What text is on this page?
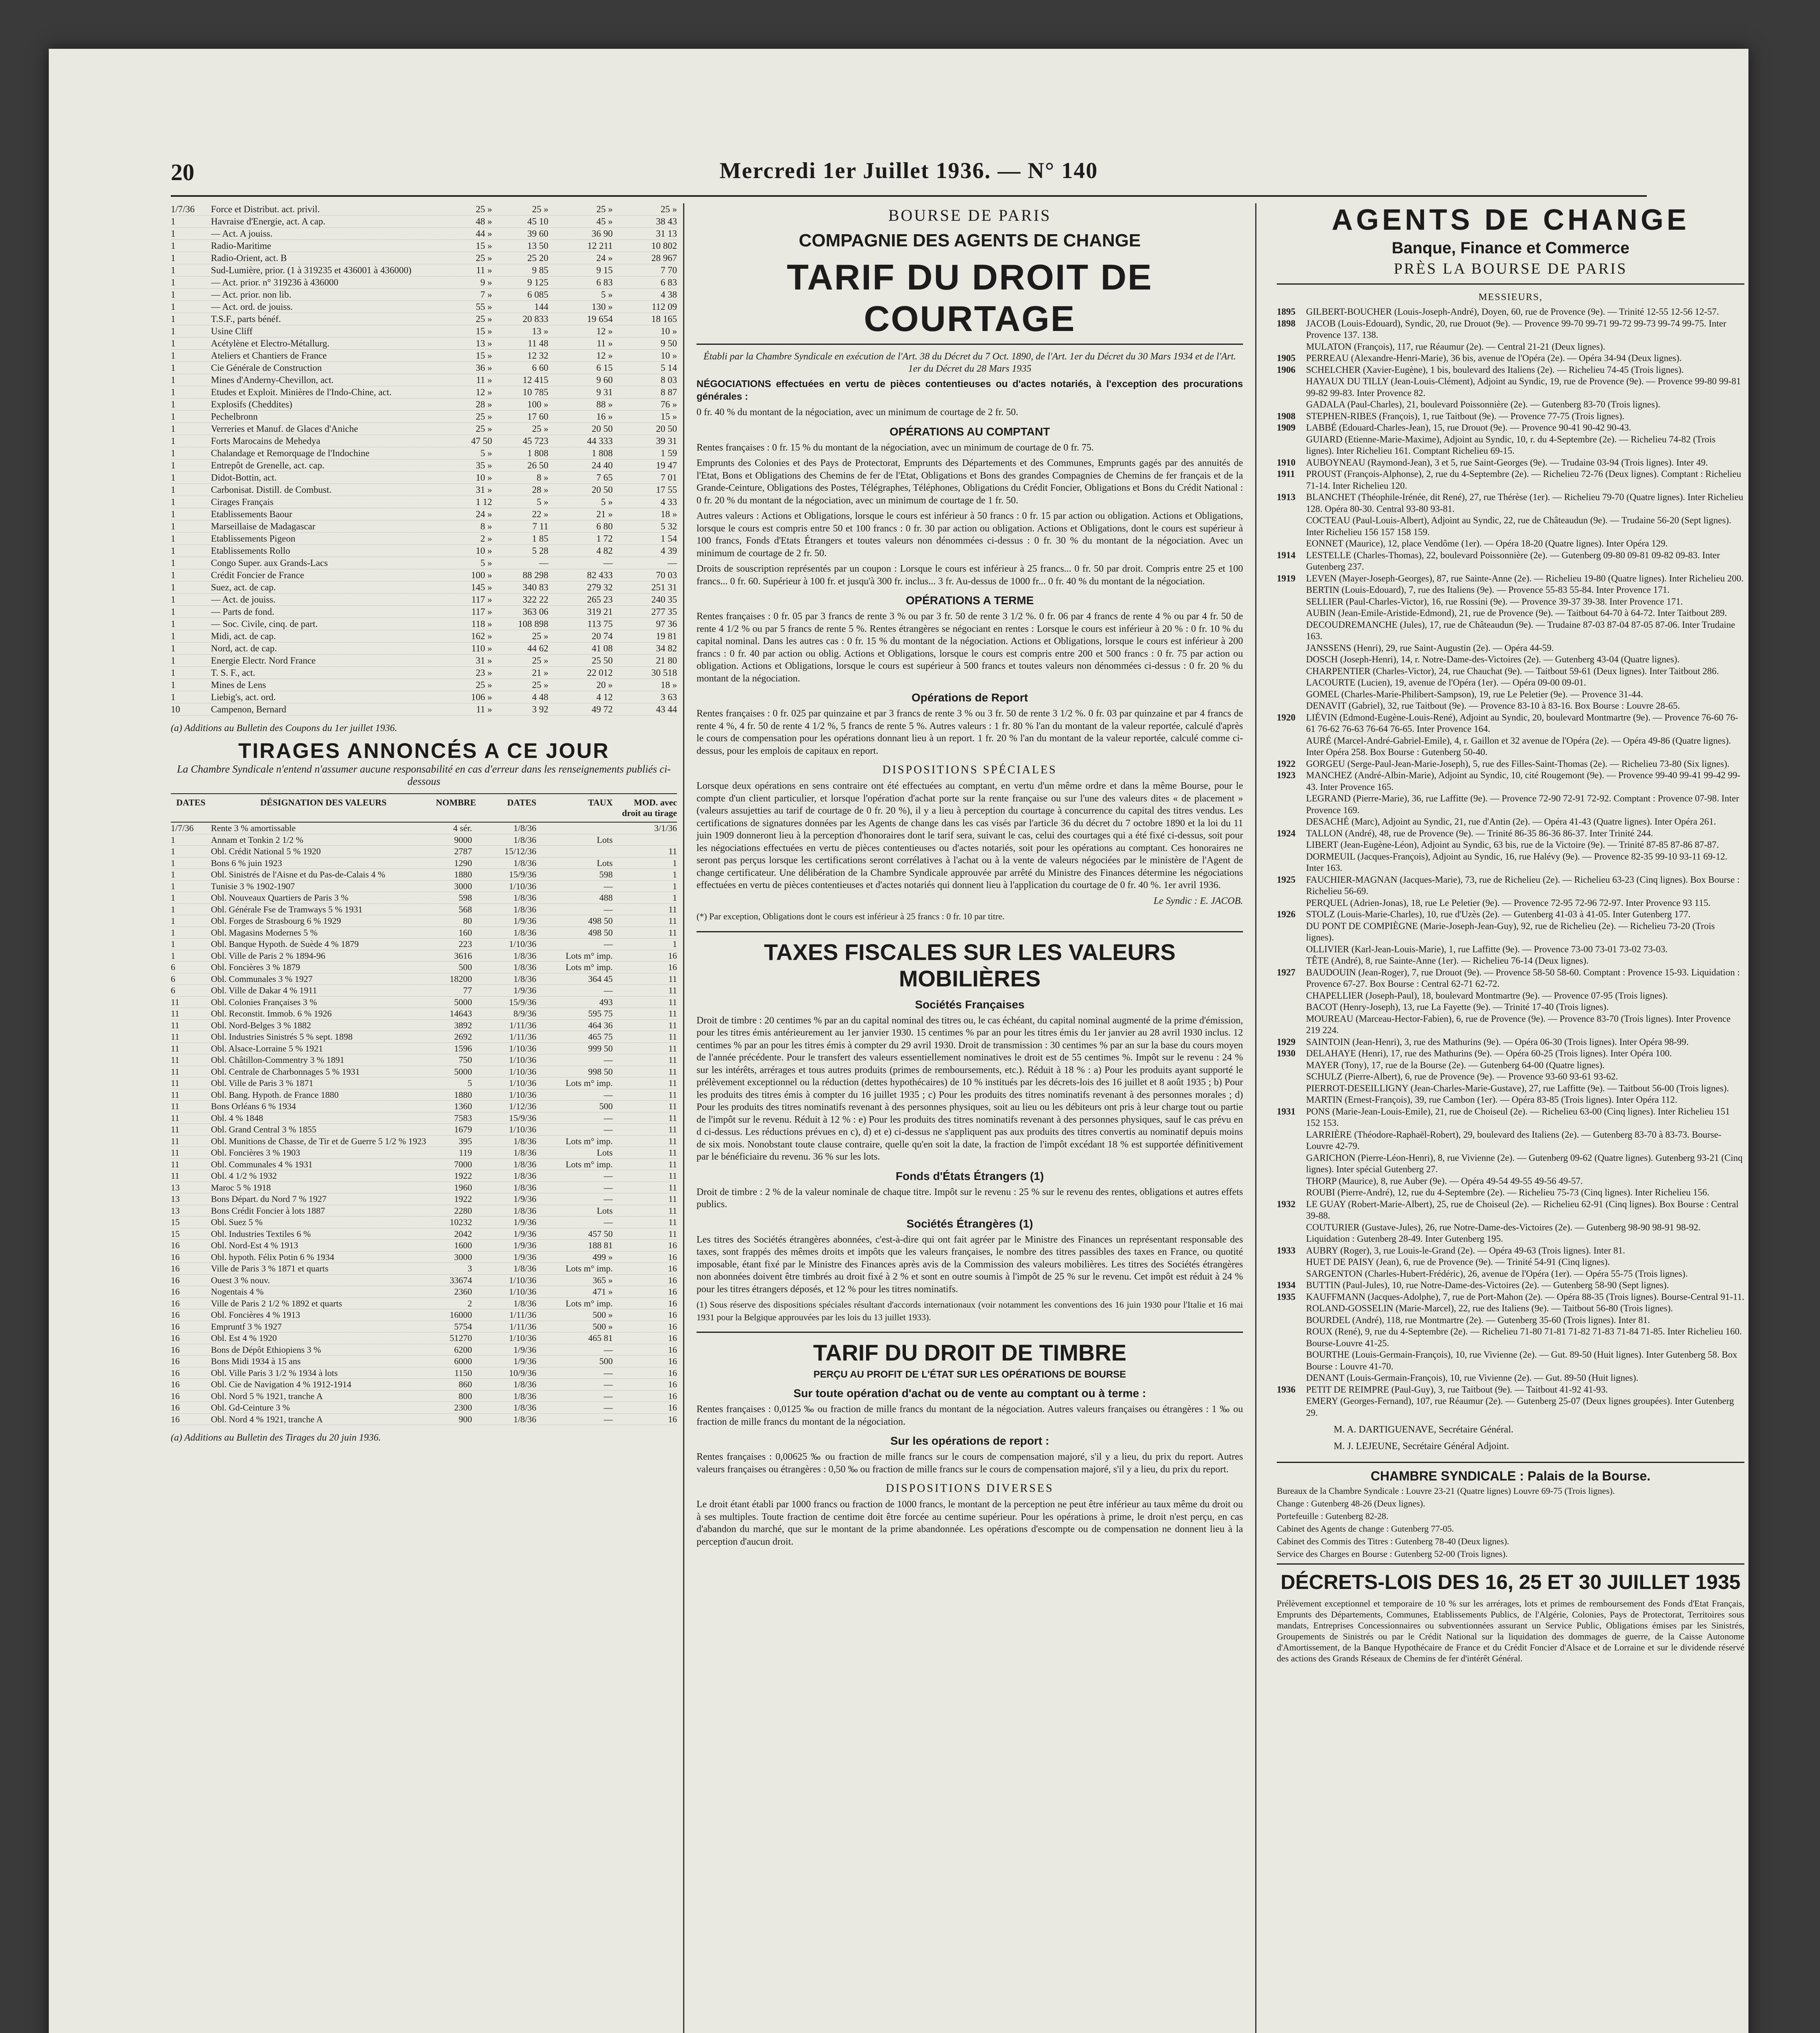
20	Mercredi 1er Juillet 1936. — N° 140
1/7/36	Force et Distribut. act. privil.	25 »	25 »	25 »	25 »
1	Havraise d'Energie, act. A cap.	48 »	45 10	45 »	38 43
1	— Act. A jouiss.	44 »	39 60	36 90	31 13
1	Radio-Maritime	15 »	13 50	12 211	10 802
1	Radio-Orient, act. B	25 »	25 20	24 »	28 967
1	Sud-Lumière, prior. (1 à 319235 et 436001 à 436000)	11 »	9 85	9 15	7 70
1	— Act. prior. n° 319236 à 436000	9 »	9 125	6 83	6 83
1	— Act. prior. non lib.	7 »	6 085	5 »	4 38
1	— Act. ord. de jouiss.	55 »	144	130 »	112 09
1	T.S.F., parts bénéf.	25 »	20 833	19 654	18 165
1	Usine Cliff	15 »	13 »	12 »	10 »
1	Acétylène et Electro-Métallurg.	13 »	11 48	11 »	9 50
1	Ateliers et Chantiers de France	15 »	12 32	12 »	10 »
1	Cie Générale de Construction	36 »	6 60	6 15	5 14
1	Mines d'Anderny-Chevillon, act.	11 »	12 415	9 60	8 03
1	Etudes et Exploit. Minières de l'Indo-Chine, act.	12 »	10 785	9 31	8 87
1	Explosifs (Cheddites)	28 »	100 »	88 »	76 »
1	Pechelbronn	25 »	17 60	16 »	15 »
1	Verreries et Manuf. de Glaces d'Aniche	25 »	25 »	20 50	20 50
1	Forts Marocains de Mehedya	47 50	45 723	44 333	39 31
1	Chalandage et Remorquage de l'Indochine	5 »	1 808	1 808	1 59
1	Entrepôt de Grenelle, act. cap.	35 »	26 50	24 40	19 47
1	Didot-Bottin, act.	10 »	8 »	7 65	7 01
1	Carbonisat. Distill. de Combust.	31 »	28 »	20 50	17 55
1	Cirages Français	1 12	5 »	5 »	4 33
1	Etablissements Baour	24 »	22 »	21 »	18 »
1	Marseillaise de Madagascar	8 »	7 11	6 80	5 32
1	Etablissements Pigeon	2 »	1 85	1 72	1 54
1	Etablissements Rollo	10 »	5 28	4 82	4 39
1	Congo Super. aux Grands-Lacs	5 »	—	—	—
1	Crédit Foncier de France	100 »	88 298	82 433	70 03
1	Suez, act. de cap.	145 »	340 83	279 32	251 31
1	— Act. de jouiss.	117 »	322 22	265 23	240 35
1	— Parts de fond.	117 »	363 06	319 21	277 35
1	— Soc. Civile, cinq. de part.	118 »	108 898	113 75	97 36
1	Midi, act. de cap.	162 »	25 »	20 74	19 81
1	Nord, act. de cap.	110 »	44 62	41 08	34 82
1	Energie Electr. Nord France	31 »	25 »	25 50	21 80
1	T. S. F., act.	23 »	21 »	22 012	30 518
1	Mines de Lens	25 »	25 »	20 »	18 »
1	Liebig's, act. ord.	106 »	4 48	4 12	3 63
10	Campenon, Bernard	11 »	3 92	49 72	43 44
(a) Additions au Bulletin des Coupons du 1er juillet 1936.
TIRAGES ANNONCÉS A CE JOUR
La Chambre Syndicale n'entend n'assumer aucune responsabilité en cas d'erreur dans les renseignements publiés ci-dessous
DATES	DÉSIGNATION DES VALEURS	NOMBRE	DATES	TAUX	MOD. avec droit au tirage
1/7/36	Rente 3 % amortissable	4 sér.	1/8/36	3/1/36
1	Annam et Tonkin 2 1/2 %	9000	1/8/36	Lots
1	Obl. Crédit National 5 % 1920	2787	15/12/36	11
1	Bons 6 % juin 1923	1290	1/8/36	Lots	1
1	Obl. Sinistrés de l'Aisne et du Pas-de-Calais 4 %	1880	15/9/36	598	1
1	Tunisie 3 % 1902-1907	3000	1/10/36	—	1
1	Obl. Nouveaux Quartiers de Paris 3 %	598	1/8/36	488	1
1	Obl. Générale Fse de Tramways 5 % 1931	568	1/8/36	—	11
1	Obl. Forges de Strasbourg 6 % 1929	80	1/9/36	498 50	11
1	Obl. Magasins Modernes 5 %	160	1/8/36	498 50	11
1	Obl. Banque Hypoth. de Suède 4 % 1879	223	1/10/36	—	1
1	Obl. Ville de Paris 2 % 1894-96	3616	1/8/36	Lots m° imp.	16
6	Obl. Foncières 3 % 1879	500	1/8/36	Lots m° imp.	16
6	Obl. Communales 3 % 1927	18200	1/8/36	364 45	11
6	Obl. Ville de Dakar 4 % 1911	77	1/9/36	—	11
11	Obl. Colonies Françaises 3 %	5000	15/9/36	493	11
11	Obl. Reconstit. Immob. 6 % 1926	14643	8/9/36	595 75	11
11	Obl. Nord-Belges 3 % 1882	3892	1/11/36	464 36	11
11	Obl. Industries Sinistrés 5 % sept. 1898	2692	1/11/36	465 75	11
11	Obl. Alsace-Lorraine 5 % 1921	1596	1/10/36	999 50	11
11	Obl. Châtillon-Commentry 3 % 1891	750	1/10/36	—	11
11	Obl. Centrale de Charbonnages 5 % 1931	5000	1/10/36	998 50	11
11	Obl. Ville de Paris 3 % 1871	5	1/10/36	Lots m° imp.	11
11	Obl. Bang. Hypoth. de France 1880	1880	1/10/36	—	11
11	Bons Orléans 6 % 1934	1360	1/12/36	500	11
11	Obl. 4 % 1848	7583	15/9/36	—	11
11	Obl. Grand Central 3 % 1855	1679	1/10/36	—	11
11	Obl. Munitions de Chasse, de Tir et de Guerre 5 1/2 % 1923	395	1/8/36	Lots m° imp.	11
11	Obl. Foncières 3 % 1903	119	1/8/36	Lots	11
11	Obl. Communales 4 % 1931	7000	1/8/36	Lots m° imp.	11
11	Obl. 4 1/2 % 1932	1922	1/8/36	—	11
13	Maroc 5 % 1918	1960	1/8/36	—	11
13	Bons Départ. du Nord 7 % 1927	1922	1/9/36	—	11
13	Bons Crédit Foncier à lots 1887	2280	1/8/36	Lots	11
15	Obl. Suez 5 %	10232	1/9/36	—	11
15	Obl. Industries Textiles 6 %	2042	1/9/36	457 50	11
16	Obl. Nord-Est 4 % 1913	1600	1/9/36	188 81	16
16	Obl. hypoth. Félix Potin 6 % 1934	3000	1/9/36	499 »	16
16	Ville de Paris 3 % 1871 et quarts	3	1/8/36	Lots m° imp.	16
16	Ouest 3 % nouv.	33674	1/10/36	365 »	16
16	Nogentais 4 %	2360	1/10/36	471 »	16
16	Ville de Paris 2 1/2 % 1892 et quarts	2	1/8/36	Lots m° imp.	16
16	Obl. Foncières 4 % 1913	16000	1/11/36	500 »	16
16	Empruntf 3 % 1927	5754	1/11/36	500 »	16
16	Obl. Est 4 % 1920	51270	1/10/36	465 81	16
16	Bons de Dépôt Ethiopiens 3 %	6200	1/9/36	—	16
16	Bons Midi 1934 à 15 ans	6000	1/9/36	500	16
16	Obl. Ville Paris 3 1/2 % 1934 à lots	1150	10/9/36	—	16
16	Obl. Cie de Navigation 4 % 1912-1914	860	1/8/36	—	16
16	Obl. Nord 5 % 1921, tranche A	800	1/8/36	—	16
16	Obl. Gd-Ceinture 3 %	2300	1/8/36	—	16
16	Obl. Nord 4 % 1921, tranche A	900	1/8/36	—	16
(a) Additions au Bulletin des Tirages du 20 juin 1936.
BOURSE DE PARIS
COMPAGNIE DES AGENTS DE CHANGE
TARIF DU DROIT DE COURTAGE
Établi par la Chambre Syndicale en exécution de l'Art. 38 du Décret du 7 Oct. 1890, de l'Art. 1er du Décret du 30 Mars 1934 et de l'Art. 1er du Décret du 28 Mars 1935
NÉGOCIATIONS effectuées en vertu de pièces contentieuses ou d'actes notariés, à l'exception des procurations générales :
0 fr. 40 % du montant de la négociation, avec un minimum de courtage de 2 fr. 50.
OPÉRATIONS AU COMPTANT
Rentes françaises : 0 fr. 15 % du montant de la négociation, avec un minimum de courtage de 0 fr. 75.
Emprunts des Colonies et des Pays de Protectorat, Emprunts des Départements et des Communes, Emprunts gagés par des annuités de l'Etat, Bons et Obligations des Chemins de fer de l'Etat, Obligations et Bons des grandes Compagnies de Chemins de fer français et de la Grande-Ceinture, Obligations des Postes, Télégraphes, Téléphones, Obligations du Crédit Foncier, Obligations et Bons du Crédit National : 0 fr. 20 % du montant de la négociation, avec un minimum de courtage de 1 fr. 50.
Autres valeurs : Actions et Obligations, lorsque le cours est inférieur à 50 francs : 0 fr. 15 par action ou obligation. Actions et Obligations, lorsque le cours est compris entre 50 et 100 francs : 0 fr. 30 par action ou obligation. Actions et Obligations, dont le cours est supérieur à 100 francs, Fonds d'Etats Étrangers et toutes valeurs non dénommées ci-dessus : 0 fr. 30 % du montant de la négociation. Avec un minimum de courtage de 2 fr. 50.
Droits de souscription représentés par un coupon : Lorsque le cours est inférieur à 25 francs... 0 fr. 50 par droit. Compris entre 25 et 100 francs... 0 fr. 60. Supérieur à 100 fr. et jusqu'à 300 fr. inclus... 3 fr. Au-dessus de 1000 fr... 0 fr. 40 % du montant de la négociation.
OPÉRATIONS A TERME
Rentes françaises : 0 fr. 05 par 3 francs de rente 3 % ou par 3 fr. 50 de rente 3 1/2 %. 0 fr. 06 par 4 francs de rente 4 % ou par 4 fr. 50 de rente 4 1/2 % ou par 5 francs de rente 5 %. Rentes étrangères se négociant en rentes : Lorsque le cours est inférieur à 20 % : 0 fr. 10 % du capital nominal. Dans les autres cas : 0 fr. 15 % du montant de la négociation. Actions et Obligations, lorsque le cours est inférieur à 200 francs : 0 fr. 40 par action ou oblig. Actions et Obligations, lorsque le cours est compris entre 200 et 500 francs : 0 fr. 75 par action ou obligation. Actions et Obligations, lorsque le cours est supérieur à 500 francs et toutes valeurs non dénommées ci-dessus : 0 fr. 20 % du montant de la négociation.
Opérations de Report
Rentes françaises : 0 fr. 025 par quinzaine et par 3 francs de rente 3 % ou 3 fr. 50 de rente 3 1/2 %. 0 fr. 03 par quinzaine et par 4 francs de rente 4 %, 4 fr. 50 de rente 4 1/2 %, 5 francs de rente 5 %. Autres valeurs : 1 fr. 80 % l'an du montant de la valeur reportée, calculé d'après le cours de compensation pour les opérations donnant lieu à un report. 1 fr. 20 % l'an du montant de la valeur reportée, calculé comme ci-dessus, pour les emplois de capitaux en report.
DISPOSITIONS SPÉCIALES
Lorsque deux opérations en sens contraire ont été effectuées au comptant, en vertu d'un même ordre et dans la même Bourse, pour le compte d'un client particulier, et lorsque l'opération d'achat porte sur la rente française ou sur l'une des valeurs dites « de placement » (valeurs assujetties au tarif de courtage de 0 fr. 20 %), il y a lieu à perception du courtage à concurrence du capital des titres vendus. Les certifications de signatures données par les Agents de change dans les cas visés par l'article 36 du décret du 7 octobre 1890 et la loi du 11 juin 1909 donneront lieu à la perception d'honoraires dont le tarif sera, suivant le cas, celui des courtages qui a été fixé ci-dessus, soit pour les négociations effectuées en vertu de pièces contentieuses ou d'actes notariés, soit pour les opérations au comptant. Ces honoraires ne seront pas perçus lorsque les certifications seront corrélatives à l'achat ou à la vente de valeurs négociées par le ministère de l'Agent de change certificateur. Une délibération de la Chambre Syndicale approuvée par arrêté du Ministre des Finances détermine les négociations effectuées en vertu de pièces contentieuses et d'actes notariés qui donnent lieu à l'application du courtage de 0 fr. 40 %. 1er avril 1936.
Le Syndic : E. JACOB.
(*) Par exception, Obligations dont le cours est inférieur à 25 francs : 0 fr. 10 par titre.
TAXES FISCALES SUR LES VALEURS MOBILIÈRES
Sociétés Françaises
Droit de timbre : 20 centimes % par an du capital nominal des titres ou, le cas échéant, du capital nominal augmenté de la prime d'émission, pour les titres émis antérieurement au 1er janvier 1930. 15 centimes % par an pour les titres émis du 1er janvier au 28 avril 1930 inclus. 12 centimes % par an pour les titres émis à compter du 29 avril 1930. Droit de transmission : 30 centimes % par an sur la base du cours moyen de l'année précédente. Pour le transfert des valeurs essentiellement nominatives le droit est de 55 centimes %. Impôt sur le revenu : 24 % sur les intérêts, arrérages et tous autres produits (primes de remboursements, etc.). Réduit à 18 % : a) Pour les produits ayant supporté le prélèvement exceptionnel ou la réduction (dettes hypothécaires) de 10 % institués par les décrets-lois des 16 juillet et 8 août 1935 ; b) Pour les produits des titres émis à compter du 16 juillet 1935 ; c) Pour les produits des titres nominatifs revenant à des personnes morales ; d) Pour les produits des titres nominatifs revenant à des personnes physiques, soit au lieu ou les débiteurs ont pris à leur charge tout ou partie de l'impôt sur le revenu. Réduit à 12 % : e) Pour les produits des titres nominatifs revenant à des personnes physiques, sauf le cas prévu en d ci-dessus. Les réductions prévues en c), d) et e) ci-dessus ne s'appliquent pas aux produits des titres convertis au nominatif depuis moins de six mois. Nonobstant toute clause contraire, quelle qu'en soit la date, la fraction de l'impôt excédant 18 % est supportée définitivement par le bénéficiaire du revenu. 36 % sur les lots.
Fonds d'États Étrangers (1)
Droit de timbre : 2 % de la valeur nominale de chaque titre. Impôt sur le revenu : 25 % sur le revenu des rentes, obligations et autres effets publics.
Sociétés Étrangères (1)
Les titres des Sociétés étrangères abonnées, c'est-à-dire qui ont fait agréer par le Ministre des Finances un représentant responsable des taxes, sont frappés des mêmes droits et impôts que les valeurs françaises, le nombre des titres passibles des taxes en France, ou quotité imposable, étant fixé par le Ministre des Finances après avis de la Commission des valeurs mobilières. Les titres des Sociétés étrangères non abonnées doivent être timbrés au droit fixé à 2 % et sont en outre soumis à l'impôt de 25 % sur le revenu. Cet impôt est réduit à 24 % pour les titres étrangers déposés, et 12 % pour les titres nominatifs.
(1) Sous réserve des dispositions spéciales résultant d'accords internationaux (voir notamment les conventions des 16 juin 1930 pour l'Italie et 16 mai 1931 pour la Belgique approuvées par les lois du 13 juillet 1933).
TARIF DU DROIT DE TIMBRE
PERÇU AU PROFIT DE L'ÉTAT SUR LES OPÉRATIONS DE BOURSE
Sur toute opération d'achat ou de vente au comptant ou à terme :
Rentes françaises : 0,0125 ‰ ou fraction de mille francs du montant de la négociation. Autres valeurs françaises ou étrangères : 1 ‰ ou fraction de mille francs du montant de la négociation.
Sur les opérations de report :
Rentes françaises : 0,00625 ‰ ou fraction de mille francs sur le cours de compensation majoré, s'il y a lieu, du prix du report. Autres valeurs françaises ou étrangères : 0,50 ‰ ou fraction de mille francs sur le cours de compensation majoré, s'il y a lieu, du prix du report.
DISPOSITIONS DIVERSES
Le droit étant établi par 1000 francs ou fraction de 1000 francs, le montant de la perception ne peut être inférieur au taux même du droit ou à ses multiples. Toute fraction de centime doit être forcée au centime supérieur. Pour les opérations à prime, le droit n'est perçu, en cas d'abandon du marché, que sur le montant de la prime abandonnée. Les opérations d'escompte ou de compensation ne donnent lieu à la perception d'aucun droit.
AGENTS DE CHANGE
Banque, Finance et Commerce
PRÈS LA BOURSE DE PARIS
MESSIEURS,
1895	GILBERT-BOUCHER (Louis-Joseph-André), Doyen, 60, rue de Provence (9e). — Trinité 12-55 12-56 12-57.
1898	JACOB (Louis-Edouard), Syndic, 20, rue Drouot (9e). — Provence 99-70 99-71 99-72 99-73 99-74 99-75. Inter Provence 137. 138.
MULATON (François), 117, rue Réaumur (2e). — Central 21-21 (Deux lignes).
1905	PERREAU (Alexandre-Henri-Marie), 36 bis, avenue de l'Opéra (2e). — Opéra 34-94 (Deux lignes).
1906	SCHELCHER (Xavier-Eugène), 1 bis, boulevard des Italiens (2e). — Richelieu 74-45 (Trois lignes).
HAYAUX DU TILLY (Jean-Louis-Clément), Adjoint au Syndic, 19, rue de Provence (9e). — Provence 99-80 99-81 99-82 99-83. Inter Provence 82.
GADALA (Paul-Charles), 21, boulevard Poissonnière (2e). — Gutenberg 83-70 (Trois lignes).
1908	STEPHEN-RIBES (François), 1, rue Taitbout (9e). — Provence 77-75 (Trois lignes).
1909	LABBÉ (Edouard-Charles-Jean), 15, rue Drouot (9e). — Provence 90-41 90-42 90-43.
GUIARD (Etienne-Marie-Maxime), Adjoint au Syndic, 10, r. du 4-Septembre (2e). — Richelieu 74-82 (Trois lignes). Inter Richelieu 161. Comptant Richelieu 69-15.
1910	AUBOYNEAU (Raymond-Jean), 3 et 5, rue Saint-Georges (9e). — Trudaine 03-94 (Trois lignes). Inter 49.
1911	PROUST (François-Alphonse), 2, rue du 4-Septembre (2e). — Richelieu 72-76 (Deux lignes). Comptant : Richelieu 71-14. Inter Richelieu 120.
1913	BLANCHET (Théophile-Irénée, dit René), 27, rue Thérèse (1er). — Richelieu 79-70 (Quatre lignes). Inter Richelieu 128. Opéra 80-30. Central 93-80 93-81.
COCTEAU (Paul-Louis-Albert), Adjoint au Syndic, 22, rue de Châteaudun (9e). — Trudaine 56-20 (Sept lignes). Inter Richelieu 156 157 158 159.
EONNET (Maurice), 12, place Vendôme (1er). — Opéra 18-20 (Quatre lignes). Inter Opéra 129.
1914	LESTELLE (Charles-Thomas), 22, boulevard Poissonnière (2e). — Gutenberg 09-80 09-81 09-82 09-83. Inter Gutenberg 237.
1919	LEVEN (Mayer-Joseph-Georges), 87, rue Sainte-Anne (2e). — Richelieu 19-80 (Quatre lignes). Inter Richelieu 200.
BERTIN (Louis-Edouard), 7, rue des Italiens (9e). — Provence 55-83 55-84. Inter Provence 171.
SELLIER (Paul-Charles-Victor), 16, rue Rossini (9e). — Provence 39-37 39-38. Inter Provence 171.
AUBIN (Jean-Emile-Aristide-Edmond), 21, rue de Provence (9e). — Taitbout 64-70 à 64-72. Inter Taitbout 289.
DECOUDREMANCHE (Jules), 17, rue de Châteaudun (9e). — Trudaine 87-03 87-04 87-05 87-06. Inter Trudaine 163.
JANSSENS (Henri), 29, rue Saint-Augustin (2e). — Opéra 44-59.
DOSCH (Joseph-Henri), 14, r. Notre-Dame-des-Victoires (2e). — Gutenberg 43-04 (Quatre lignes).
CHARPENTIER (Charles-Victor), 24, rue Chauchat (9e). — Taitbout 59-61 (Deux lignes). Inter Taitbout 286.
LACOURTE (Lucien), 19, avenue de l'Opéra (1er). — Opéra 09-00 09-01.
GOMEL (Charles-Marie-Philibert-Sampson), 19, rue Le Peletier (9e). — Provence 31-44.
DENAVIT (Gabriel), 32, rue Taitbout (9e). — Provence 83-10 à 83-16. Box Bourse : Louvre 28-65.
1920	LIÉVIN (Edmond-Eugène-Louis-René), Adjoint au Syndic, 20, boulevard Montmartre (9e). — Provence 76-60 76-61 76-62 76-63 76-64 76-65. Inter Provence 164.
AURÉ (Marcel-André-Gabriel-Emile), 4, r. Gaillon et 32 avenue de l'Opéra (2e). — Opéra 49-86 (Quatre lignes). Inter Opéra 258. Box Bourse : Gutenberg 50-40.
1922	GORGEU (Serge-Paul-Jean-Marie-Joseph), 5, rue des Filles-Saint-Thomas (2e). — Richelieu 73-80 (Six lignes).
1923	MANCHEZ (André-Albin-Marie), Adjoint au Syndic, 10, cité Rougemont (9e). — Provence 99-40 99-41 99-42 99-43. Inter Provence 165.
LEGRAND (Pierre-Marie), 36, rue Laffitte (9e). — Provence 72-90 72-91 72-92. Comptant : Provence 07-98. Inter Provence 169.
DESACHÉ (Marc), Adjoint au Syndic, 21, rue d'Antin (2e). — Opéra 41-43 (Quatre lignes). Inter Opéra 261.
1924	TALLON (André), 48, rue de Provence (9e). — Trinité 86-35 86-36 86-37. Inter Trinité 244.
LIBERT (Jean-Eugène-Léon), Adjoint au Syndic, 63 bis, rue de la Victoire (9e). — Trinité 87-85 87-86 87-87.
DORMEUIL (Jacques-François), Adjoint au Syndic, 16, rue Halévy (9e). — Provence 82-35 99-10 93-11 69-12. Inter 163.
1925	FAUCHIER-MAGNAN (Jacques-Marie), 73, rue de Richelieu (2e). — Richelieu 63-23 (Cinq lignes). Box Bourse : Richelieu 56-69.
PERQUEL (Adrien-Jonas), 18, rue Le Peletier (9e). — Provence 72-95 72-96 72-97. Inter Provence 93 115.
1926	STOLZ (Louis-Marie-Charles), 10, rue d'Uzès (2e). — Gutenberg 41-03 à 41-05. Inter Gutenberg 177.
DU PONT DE COMPIÈGNE (Marie-Joseph-Jean-Guy), 92, rue de Richelieu (2e). — Richelieu 73-20 (Trois lignes).
OLLIVIER (Karl-Jean-Louis-Marie), 1, rue Laffitte (9e). — Provence 73-00 73-01 73-02 73-03.
TÊTE (André), 8, rue Sainte-Anne (1er). — Richelieu 76-14 (Deux lignes).
1927	BAUDOUIN (Jean-Roger), 7, rue Drouot (9e). — Provence 58-50 58-60. Comptant : Provence 15-93. Liquidation : Provence 67-27. Box Bourse : Central 62-71 62-72.
CHAPELLIER (Joseph-Paul), 18, boulevard Montmartre (9e). — Provence 07-95 (Trois lignes).
BACOT (Henry-Joseph), 13, rue La Fayette (9e). — Trinité 17-40 (Trois lignes).
MOUREAU (Marceau-Hector-Fabien), 6, rue de Provence (9e). — Provence 83-70 (Trois lignes). Inter Provence 219 224.
1929	SAINTOIN (Jean-Henri), 3, rue des Mathurins (9e). — Opéra 06-30 (Trois lignes). Inter Opéra 98-99.
1930	DELAHAYE (Henri), 17, rue des Mathurins (9e). — Opéra 60-25 (Trois lignes). Inter Opéra 100.
MAYER (Tony), 17, rue de la Bourse (2e). — Gutenberg 64-00 (Quatre lignes).
SCHULZ (Pierre-Albert), 6, rue de Provence (9e). — Provence 93-60 93-61 93-62.
PIERROT-DESEILLIGNY (Jean-Charles-Marie-Gustave), 27, rue Laffitte (9e). — Taitbout 56-00 (Trois lignes).
MARTIN (Ernest-François), 39, rue Cambon (1er). — Opéra 83-85 (Trois lignes). Inter Opéra 112.
1931	PONS (Marie-Jean-Louis-Emile), 21, rue de Choiseul (2e). — Richelieu 63-00 (Cinq lignes). Inter Richelieu 151 152 153.
LARRIÈRE (Théodore-Raphaël-Robert), 29, boulevard des Italiens (2e). — Gutenberg 83-70 à 83-73. Bourse-Louvre 42-79.
GARICHON (Pierre-Léon-Henri), 8, rue Vivienne (2e). — Gutenberg 09-62 (Quatre lignes). Gutenberg 93-21 (Cinq lignes). Inter spécial Gutenberg 27.
THORP (Maurice), 8, rue Auber (9e). — Opéra 49-54 49-55 49-56 49-57.
ROUBI (Pierre-André), 12, rue du 4-Septembre (2e). — Richelieu 75-73 (Cinq lignes). Inter Richelieu 156.
1932	LE GUAY (Robert-Marie-Albert), 25, rue de Choiseul (2e). — Richelieu 62-91 (Cinq lignes). Box Bourse : Central 39-88.
COUTURIER (Gustave-Jules), 26, rue Notre-Dame-des-Victoires (2e). — Gutenberg 98-90 98-91 98-92. Liquidation : Gutenberg 28-49. Inter Gutenberg 195.
1933	AUBRY (Roger), 3, rue Louis-le-Grand (2e). — Opéra 49-63 (Trois lignes). Inter 81.
HUET DE PAISY (Jean), 6, rue de Provence (9e). — Trinité 54-91 (Cinq lignes).
SARGENTON (Charles-Hubert-Frédéric), 26, avenue de l'Opéra (1er). — Opéra 55-75 (Trois lignes).
1934	BUTTIN (Paul-Jules), 10, rue Notre-Dame-des-Victoires (2e). — Gutenberg 58-90 (Sept lignes).
1935	KAUFFMANN (Jacques-Adolphe), 7, rue de Port-Mahon (2e). — Opéra 88-35 (Trois lignes). Bourse-Central 91-11.
ROLAND-GOSSELIN (Marie-Marcel), 22, rue des Italiens (9e). — Taitbout 56-80 (Trois lignes).
BOURDEL (André), 118, rue Montmartre (2e). — Gutenberg 35-60 (Trois lignes). Inter 81.
ROUX (René), 9, rue du 4-Septembre (2e). — Richelieu 71-80 71-81 71-82 71-83 71-84 71-85. Inter Richelieu 160. Bourse-Louvre 41-25.
BOURTHE (Louis-Germain-François), 10, rue Vivienne (2e). — Gut. 89-50 (Huit lignes). Inter Gutenberg 58. Box Bourse : Louvre 41-70.
DENANT (Louis-Germain-François), 10, rue Vivienne (2e). — Gut. 89-50 (Huit lignes).
1936	PETIT DE REIMPRE (Paul-Guy), 3, rue Taitbout (9e). — Taitbout 41-92 41-93.
EMERY (Georges-Fernand), 107, rue Réaumur (2e). — Gutenberg 25-07 (Deux lignes groupées). Inter Gutenberg 29.
M. A. DARTIGUENAVE, Secrétaire Général.
M. J. LEJEUNE, Secrétaire Général Adjoint.
CHAMBRE SYNDICALE : Palais de la Bourse.

Bureaux de la Chambre Syndicale : Louvre 23-21 (Quatre lignes) Louvre 69-75 (Trois lignes).

Change : Gutenberg 48-26 (Deux lignes).

Portefeuille : Gutenberg 82-28.

Cabinet des Agents de change : Gutenberg 77-05.

Cabinet des Commis des Titres : Gutenberg 78-40 (Deux lignes).

Service des Charges en Bourse : Gutenberg 52-00 (Trois lignes).

DÉCRETS-LOIS DES 16, 25 ET 30 JUILLET 1935
Prélèvement exceptionnel et temporaire de 10 % sur les arrérages, lots et primes de remboursement des Fonds d'Etat Français, Emprunts des Départements, Communes, Etablissements Publics, de l'Algérie, Colonies, Pays de Protectorat, Territoires sous mandats, Entreprises Concessionnaires ou subventionnées assurant un Service Public, Obligations émises par les Sinistrés, Groupements de Sinistrés ou par le Crédit National sur la liquidation des dommages de guerre, de la Caisse Autonome d'Amortissement, de la Banque Hypothécaire de France et du Crédit Foncier d'Alsace et de Lorraine et sur le dividende réservé des actions des Grands Réseaux de Chemins de fer d'intérêt Général.
